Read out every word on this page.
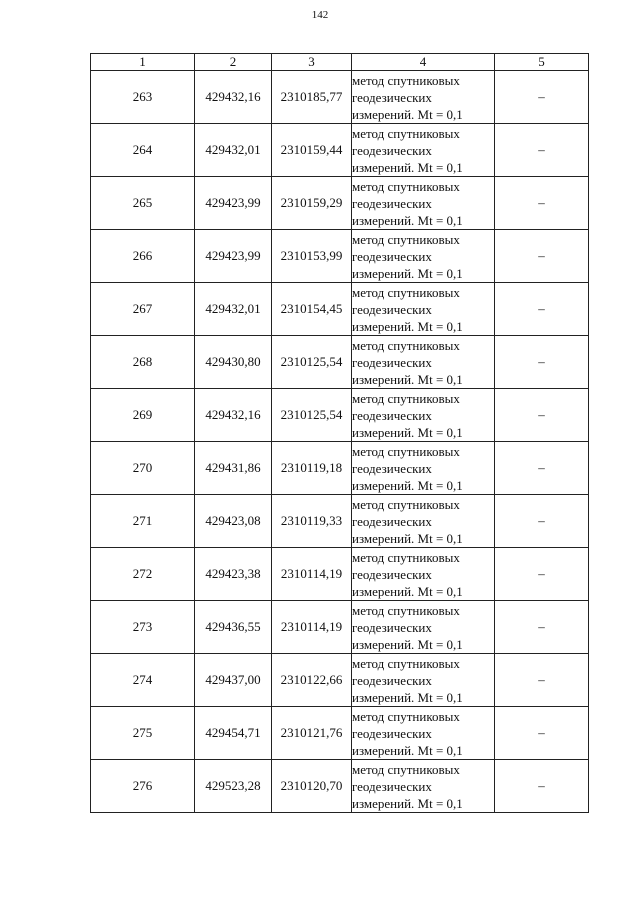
142
1	2	3	4	5
263	429432,16	2310185,77	метод спутниковых
геодезических
измерений. Mt = 0,1	–
264	429432,01	2310159,44	метод спутниковых
геодезических
измерений. Mt = 0,1	–
265	429423,99	2310159,29	метод спутниковых
геодезических
измерений. Mt = 0,1	–
266	429423,99	2310153,99	метод спутниковых
геодезических
измерений. Mt = 0,1	–
267	429432,01	2310154,45	метод спутниковых
геодезических
измерений. Mt = 0,1	–
268	429430,80	2310125,54	метод спутниковых
геодезических
измерений. Mt = 0,1	–
269	429432,16	2310125,54	метод спутниковых
геодезических
измерений. Mt = 0,1	–
270	429431,86	2310119,18	метод спутниковых
геодезических
измерений. Mt = 0,1	–
271	429423,08	2310119,33	метод спутниковых
геодезических
измерений. Mt = 0,1	–
272	429423,38	2310114,19	метод спутниковых
геодезических
измерений. Mt = 0,1	–
273	429436,55	2310114,19	метод спутниковых
геодезических
измерений. Mt = 0,1	–
274	429437,00	2310122,66	метод спутниковых
геодезических
измерений. Mt = 0,1	–
275	429454,71	2310121,76	метод спутниковых
геодезических
измерений. Mt = 0,1	–
276	429523,28	2310120,70	метод спутниковых
геодезических
измерений. Mt = 0,1	–
